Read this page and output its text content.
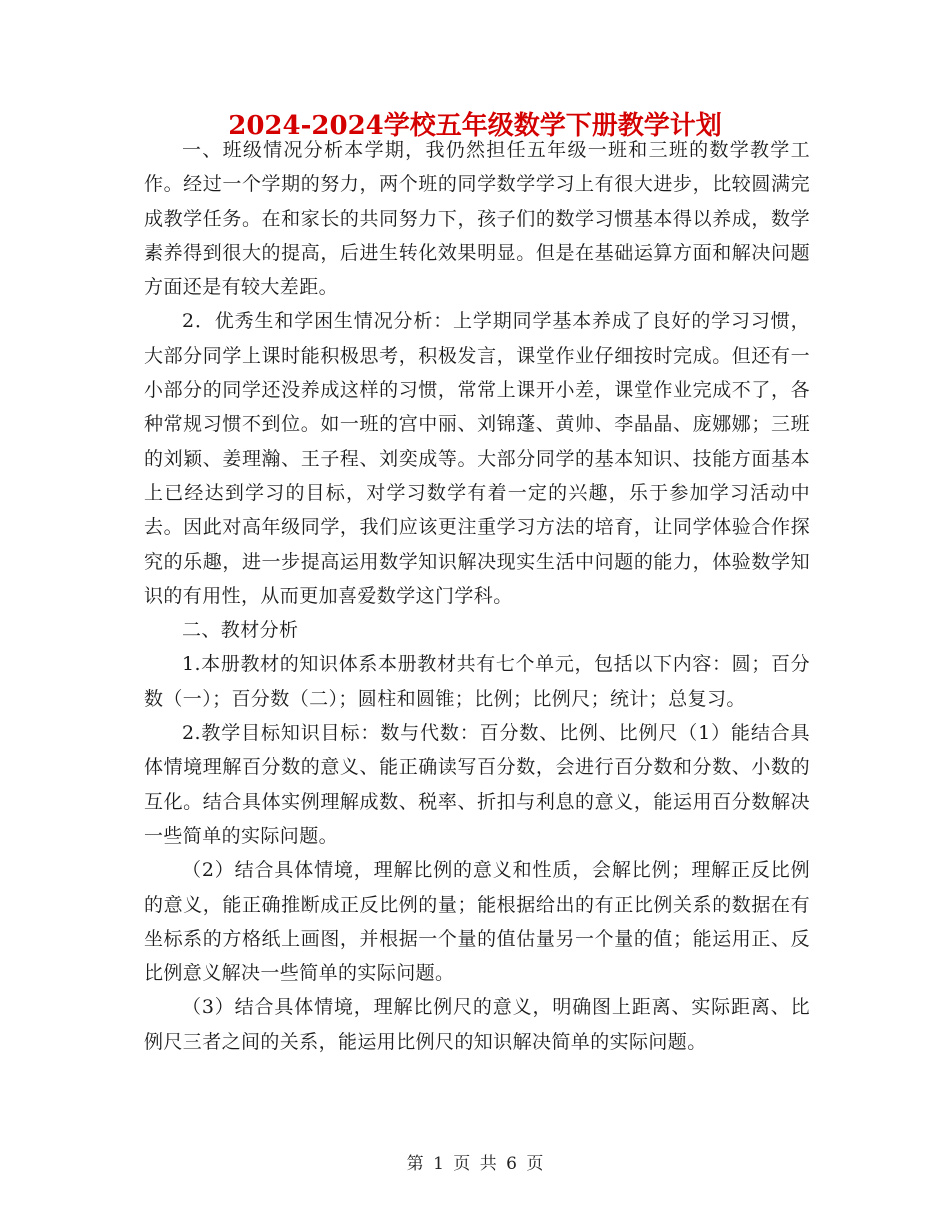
2024-2024学校五年级数学下册教学计划

一、班级情况分析本学期，我仍然担任五年级一班和三班的数学教学工作。经过一个学期的努力，两个班的同学数学学习上有很大进步，比较圆满完成教学任务。在和家长的共同努力下，孩子们的数学习惯基本得以养成，数学素养得到很大的提高，后进生转化效果明显。但是在基础运算方面和解决问题方面还是有较大差距。

2．优秀生和学困生情况分析：上学期同学基本养成了良好的学习习惯，大部分同学上课时能积极思考，积极发言，课堂作业仔细按时完成。但还有一小部分的同学还没养成这样的习惯，常常上课开小差，课堂作业完成不了，各种常规习惯不到位。如一班的宫中丽、刘锦蓬、黄帅、李晶晶、庞娜娜；三班的刘颖、姜理瀚、王子程、刘奕成等。大部分同学的基本知识、技能方面基本上已经达到学习的目标，对学习数学有着一定的兴趣，乐于参加学习活动中去。因此对高年级同学，我们应该更注重学习方法的培育，让同学体验合作探究的乐趣，进一步提高运用数学知识解决现实生活中问题的能力，体验数学知识的有用性，从而更加喜爱数学这门学科。

二、教材分析

1.本册教材的知识体系本册教材共有七个单元，包括以下内容：圆；百分数（一）；百分数（二）；圆柱和圆锥；比例；比例尺；统计；总复习。

2.教学目标知识目标：数与代数：百分数、比例、比例尺（1）能结合具体情境理解百分数的意义、能正确读写百分数，会进行百分数和分数、小数的互化。结合具体实例理解成数、税率、折扣与利息的意义，能运用百分数解决一些简单的实际问题。

（2）结合具体情境，理解比例的意义和性质，会解比例；理解正反比例的意义，能正确推断成正反比例的量；能根据给出的有正比例关系的数据在有坐标系的方格纸上画图，并根据一个量的值估量另一个量的值；能运用正、反比例意义解决一些简单的实际问题。

（3）结合具体情境，理解比例尺的意义，明确图上距离、实际距离、比例尺三者之间的关系，能运用比例尺的知识解决简单的实际问题。

第 1 页 共 6 页
